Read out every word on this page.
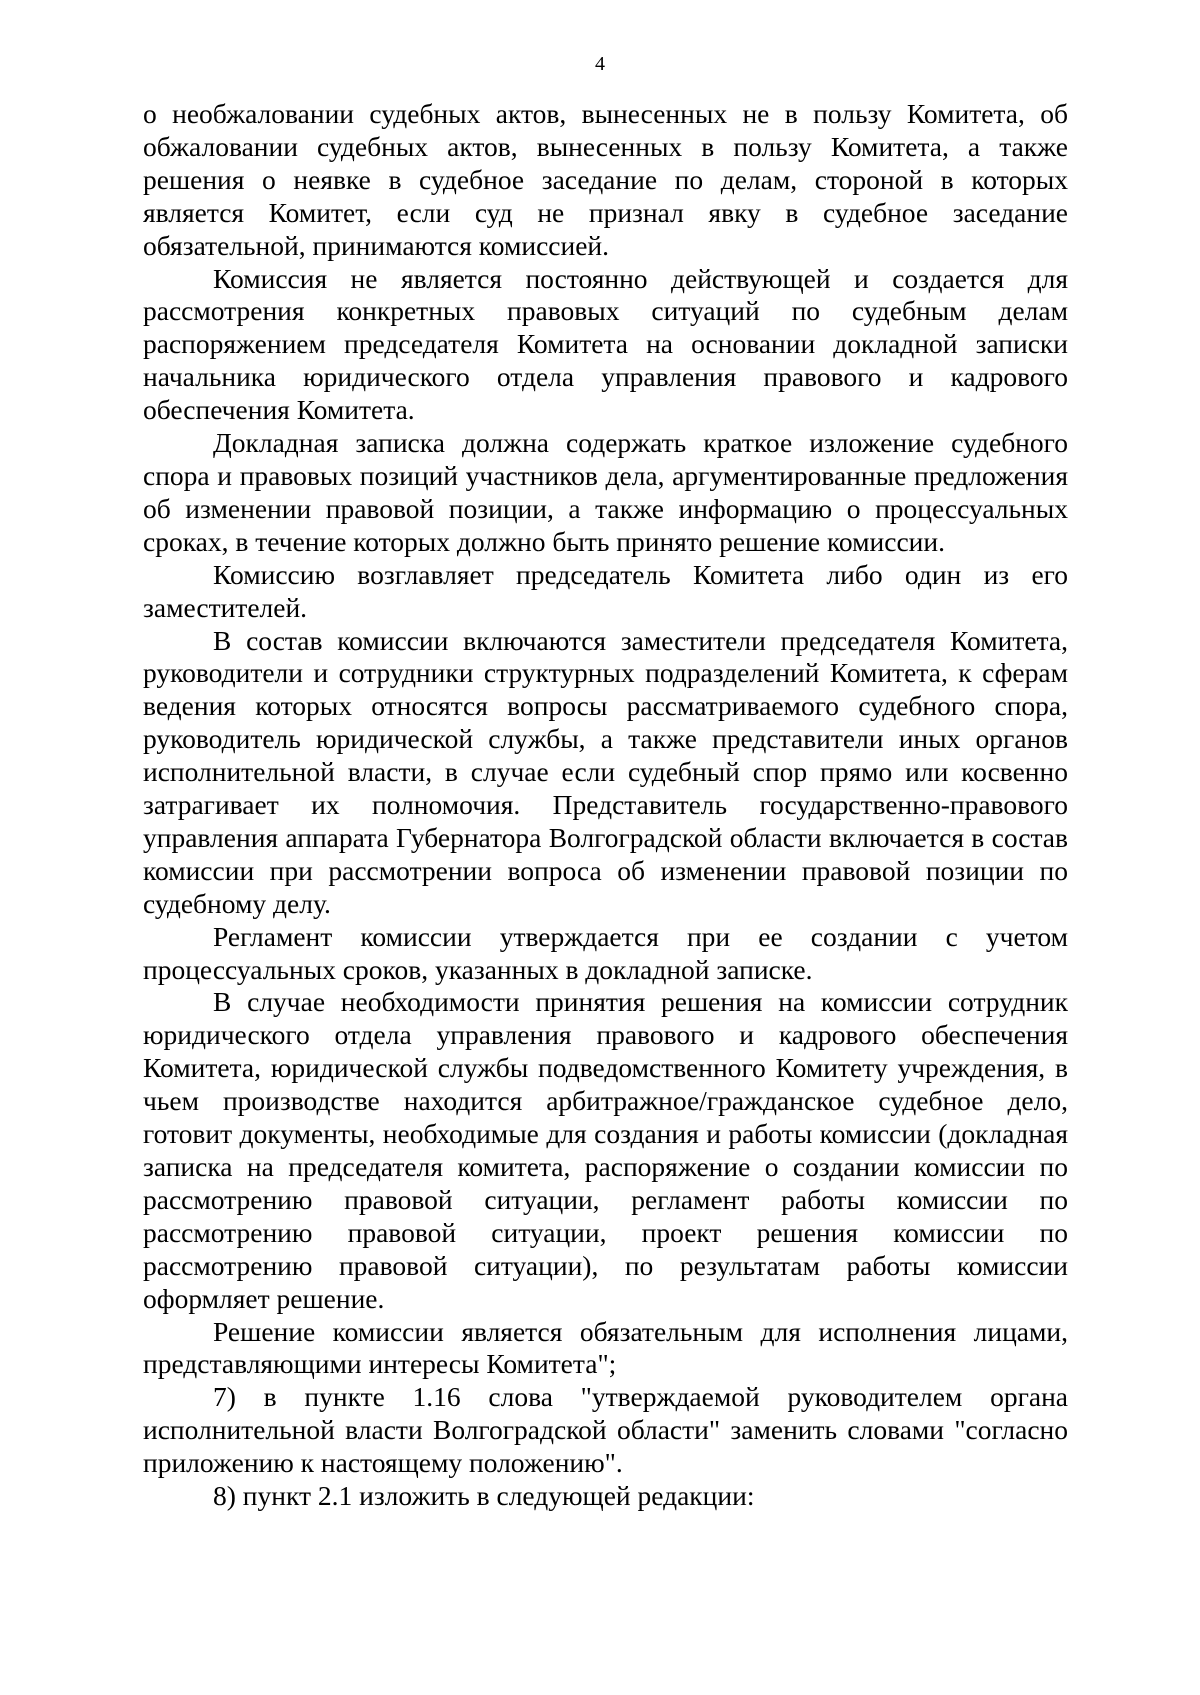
4

о необжаловании судебных актов, вынесенных не в пользу Комитета, об обжаловании судебных актов, вынесенных в пользу Комитета, а также решения о неявке в судебное заседание по делам, стороной в которых является Комитет, если суд не признал явку в судебное заседание обязательной, принимаются комиссией.

Комиссия не является постоянно действующей и создается для рассмотрения конкретных правовых ситуаций по судебным делам распоряжением председателя Комитета на основании докладной записки начальника юридического отдела управления правового и кадрового обеспечения Комитета.

Докладная записка должна содержать краткое изложение судебного спора и правовых позиций участников дела, аргументированные предложения об изменении правовой позиции, а также информацию о процессуальных сроках, в течение которых должно быть принято решение комиссии.

Комиссию возглавляет председатель Комитета либо один из его заместителей.

В состав комиссии включаются заместители председателя Комитета, руководители и сотрудники структурных подразделений Комитета, к сферам ведения которых относятся вопросы рассматриваемого судебного спора, руководитель юридической службы, а также представители иных органов исполнительной власти, в случае если судебный спор прямо или косвенно затрагивает их полномочия. Представитель государственно-правового управления аппарата Губернатора Волгоградской области включается в состав комиссии при рассмотрении вопроса об изменении правовой позиции по судебному делу.

Регламент комиссии утверждается при ее создании с учетом процессуальных сроков, указанных в докладной записке.

В случае необходимости принятия решения на комиссии сотрудник юридического отдела управления правового и кадрового обеспечения Комитета, юридической службы подведомственного Комитету учреждения, в чьем производстве находится арбитражное/гражданское судебное дело, готовит документы, необходимые для создания и работы комиссии (докладная записка на председателя комитета, распоряжение о создании комиссии по рассмотрению правовой ситуации, регламент работы комиссии по рассмотрению правовой ситуации, проект решения комиссии по рассмотрению правовой ситуации), по результатам работы комиссии оформляет решение.

Решение комиссии является обязательным для исполнения лицами, представляющими интересы Комитета";

7) в пункте 1.16 слова "утверждаемой руководителем органа исполнительной власти Волгоградской области" заменить словами "согласно приложению к настоящему положению".

8) пункт 2.1 изложить в следующей редакции:
